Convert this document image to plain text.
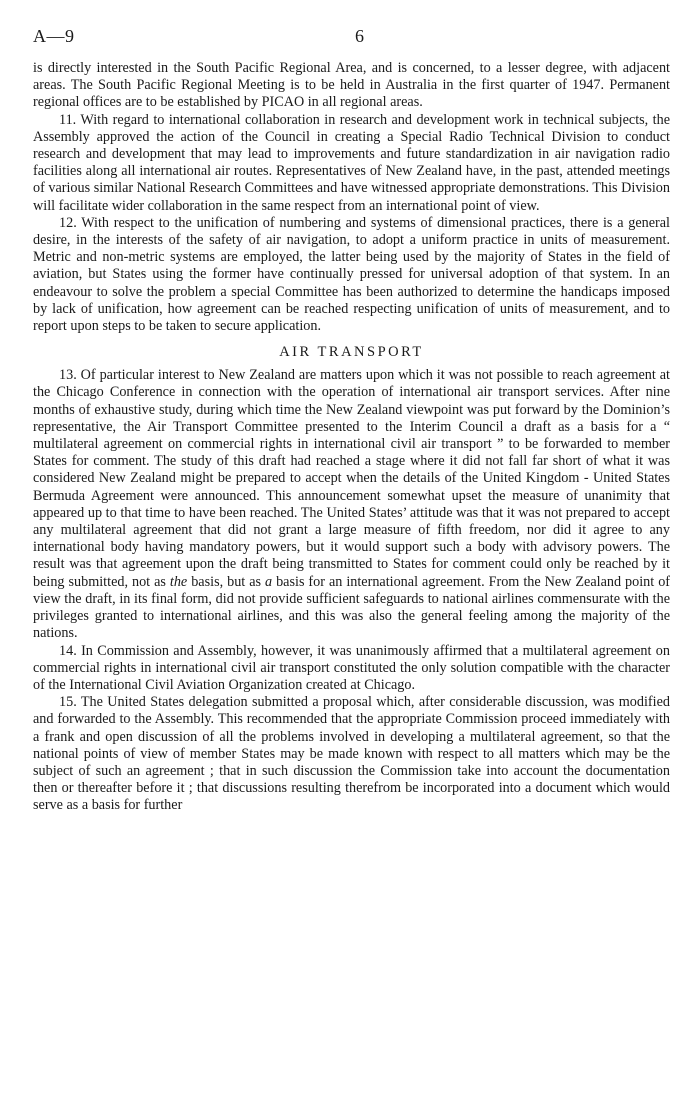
A—9	6

is directly interested in the South Pacific Regional Area, and is concerned, to a lesser degree, with adjacent areas. The South Pacific Regional Meeting is to be held in Australia in the first quarter of 1947. Permanent regional offices are to be established by PICAO in all regional areas.

11. With regard to international collaboration in research and development work in technical subjects, the Assembly approved the action of the Council in creating a Special Radio Technical Division to conduct research and development that may lead to improvements and future standardization in air navigation radio facilities along all international air routes. Representatives of New Zealand have, in the past, attended meetings of various similar National Research Committees and have witnessed appropriate demonstrations. This Division will facilitate wider collaboration in the same respect from an international point of view.

12. With respect to the unification of numbering and systems of dimensional practices, there is a general desire, in the interests of the safety of air navigation, to adopt a uniform practice in units of measurement. Metric and non-metric systems are employed, the latter being used by the majority of States in the field of aviation, but States using the former have continually pressed for universal adoption of that system. In an endeavour to solve the problem a special Committee has been authorized to determine the handicaps imposed by lack of unification, how agreement can be reached respecting unification of units of measurement, and to report upon steps to be taken to secure application.

AIR TRANSPORT

13. Of particular interest to New Zealand are matters upon which it was not possible to reach agreement at the Chicago Conference in connection with the operation of international air transport services. After nine months of exhaustive study, during which time the New Zealand viewpoint was put forward by the Dominion’s representative, the Air Transport Committee presented to the Interim Council a draft as a basis for a “ multilateral agreement on commercial rights in international civil air transport ” to be forwarded to member States for comment. The study of this draft had reached a stage where it did not fall far short of what it was considered New Zealand might be prepared to accept when the details of the United Kingdom - United States Bermuda Agreement were announced. This announcement somewhat upset the measure of unanimity that appeared up to that time to have been reached. The United States’ attitude was that it was not prepared to accept any multilateral agreement that did not grant a large measure of fifth freedom, nor did it agree to any international body having mandatory powers, but it would support such a body with advisory powers. The result was that agreement upon the draft being transmitted to States for comment could only be reached by it being submitted, not as the basis, but as a basis for an international agreement. From the New Zealand point of view the draft, in its final form, did not provide sufficient safeguards to national airlines commensurate with the privileges granted to international airlines, and this was also the general feeling among the majority of the nations.

14. In Commission and Assembly, however, it was unanimously affirmed that a multilateral agreement on commercial rights in international civil air transport constituted the only solution compatible with the character of the International Civil Aviation Organization created at Chicago.

15. The United States delegation submitted a proposal which, after considerable discussion, was modified and forwarded to the Assembly. This recommended that the appropriate Commission proceed immediately with a frank and open discussion of all the problems involved in developing a multilateral agreement, so that the national points of view of member States may be made known with respect to all matters which may be the subject of such an agreement ; that in such discussion the Commission take into account the documentation then or thereafter before it ; that discussions resulting therefrom be incorporated into a document which would serve as a basis for further
